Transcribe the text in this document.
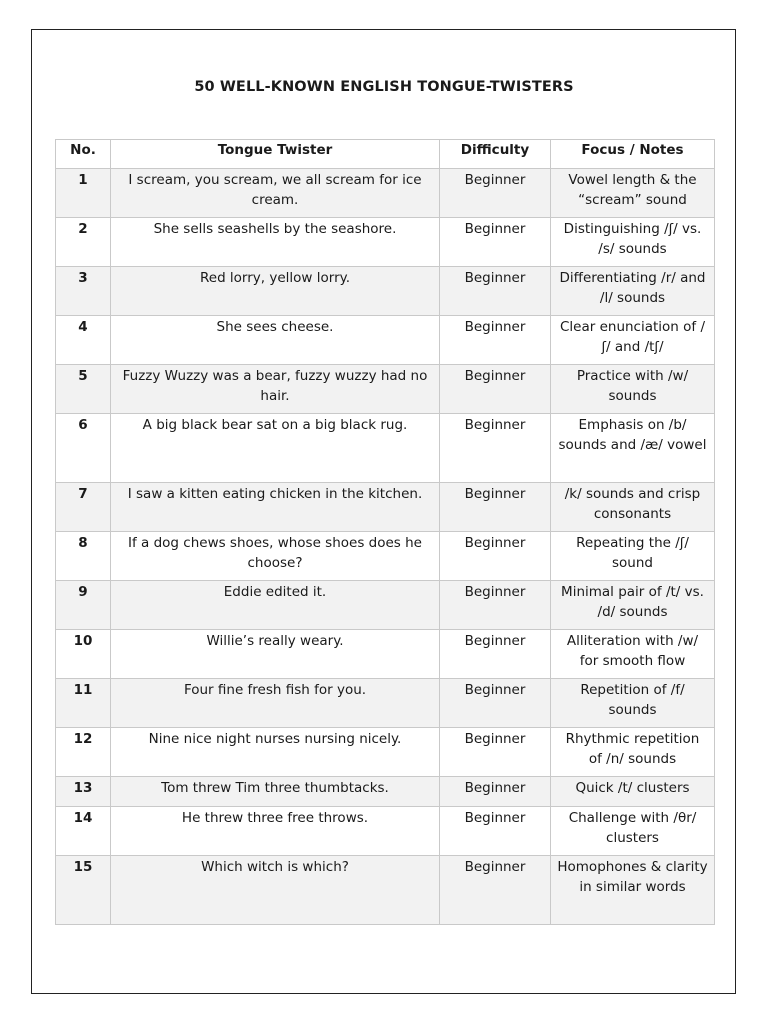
50 WELL-KNOWN ENGLISH TONGUE-TWISTERS
No.	Tongue Twister	Difficulty	Focus / Notes
1	I scream, you scream, we all scream for ice cream.	Beginner	Vowel length & the “scream” sound
2	She sells seashells by the seashore.	Beginner	Distinguishing /ʃ/ vs. /s/ sounds
3	Red lorry, yellow lorry.	Beginner	Differentiating /r/ and /l/ sounds
4	She sees cheese.	Beginner	Clear enunciation of /ʃ/ and /tʃ/
5	Fuzzy Wuzzy was a bear, fuzzy wuzzy had no hair.	Beginner	Practice with /w/ sounds
6	A big black bear sat on a big black rug.	Beginner	Emphasis on /b/ sounds and /æ/ vowel
7	I saw a kitten eating chicken in the kitchen.	Beginner	/k/ sounds and crisp consonants
8	If a dog chews shoes, whose shoes does he choose?	Beginner	Repeating the /ʃ/ sound
9	Eddie edited it.	Beginner	Minimal pair of /t/ vs. /d/ sounds
10	Willie’s really weary.	Beginner	Alliteration with /w/ for smooth flow
11	Four fine fresh fish for you.	Beginner	Repetition of /f/ sounds
12	Nine nice night nurses nursing nicely.	Beginner	Rhythmic repetition of /n/ sounds
13	Tom threw Tim three thumbtacks.	Beginner	Quick /t/ clusters
14	He threw three free throws.	Beginner	Challenge with /θr/ clusters
15	Which witch is which?	Beginner	Homophones & clarity in similar words
